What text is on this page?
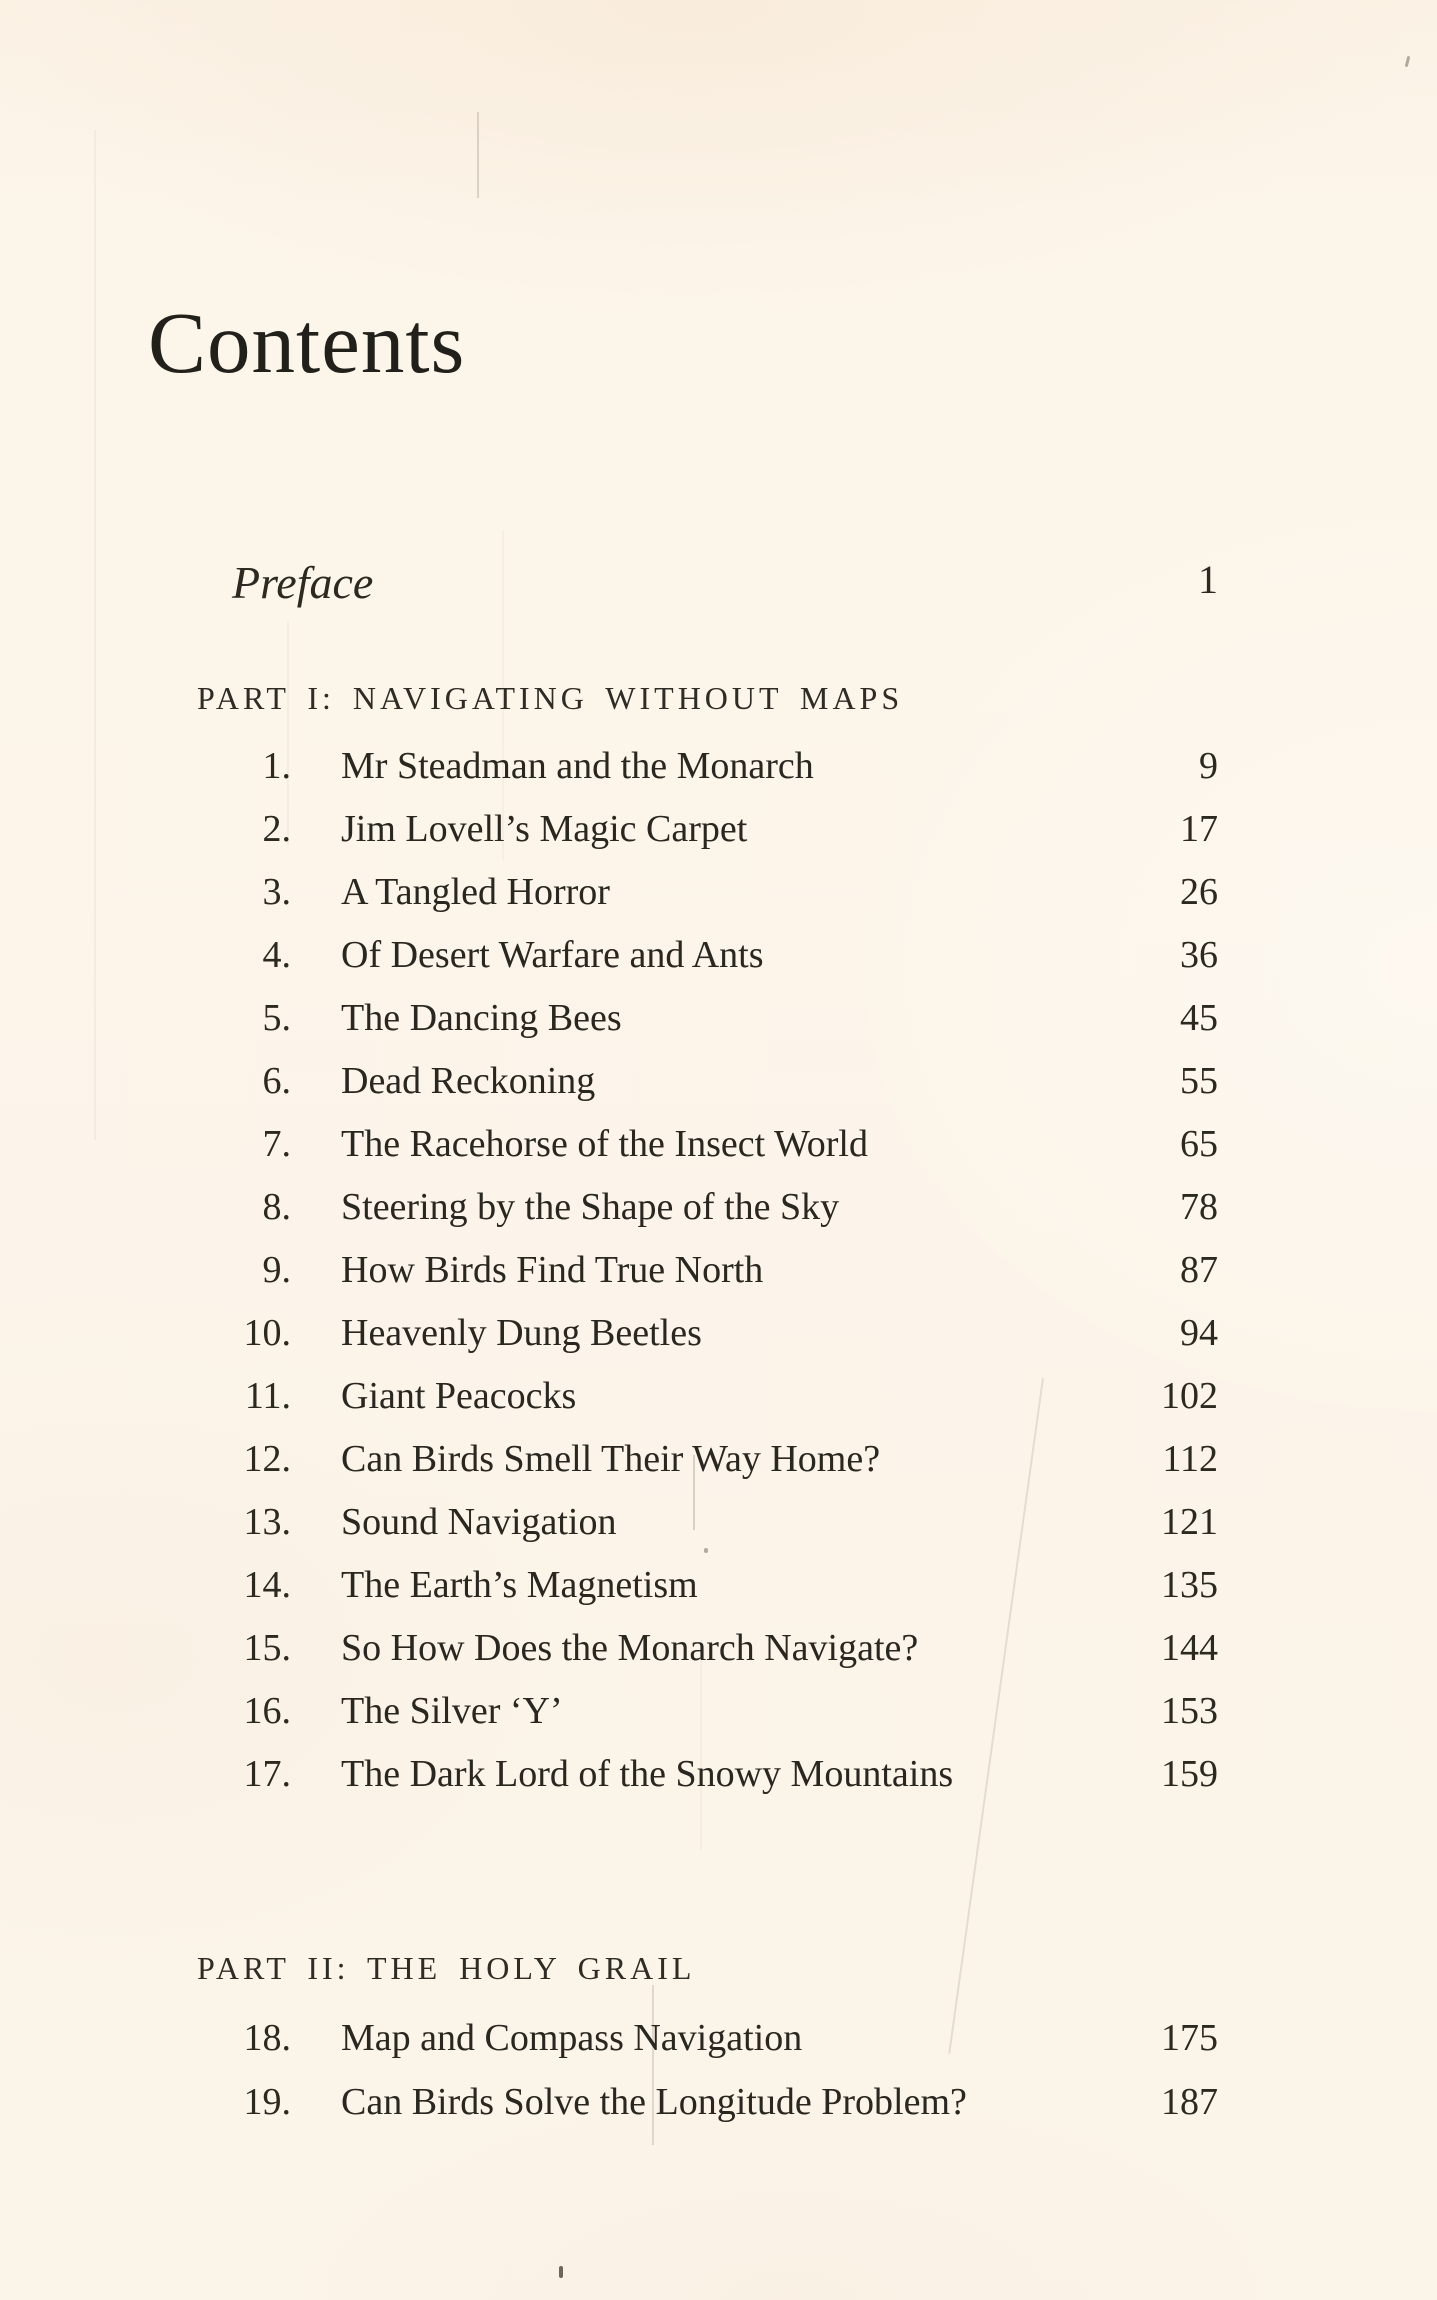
Contents
Preface	1
PART I: NAVIGATING WITHOUT MAPS
1. Mr Steadman and the Monarch	9
2. Jim Lovell’s Magic Carpet	17
3. A Tangled Horror	26
4. Of Desert Warfare and Ants	36
5. The Dancing Bees	45
6. Dead Reckoning	55
7. The Racehorse of the Insect World	65
8. Steering by the Shape of the Sky	78
9. How Birds Find True North	87
10. Heavenly Dung Beetles	94
11. Giant Peacocks	102
12. Can Birds Smell Their Way Home?	112
13. Sound Navigation	121
14. The Earth’s Magnetism	135
15. So How Does the Monarch Navigate?	144
16. The Silver ‘Y’	153
17. The Dark Lord of the Snowy Mountains	159
PART II: THE HOLY GRAIL
18. Map and Compass Navigation	175
19. Can Birds Solve the Longitude Problem?	187
